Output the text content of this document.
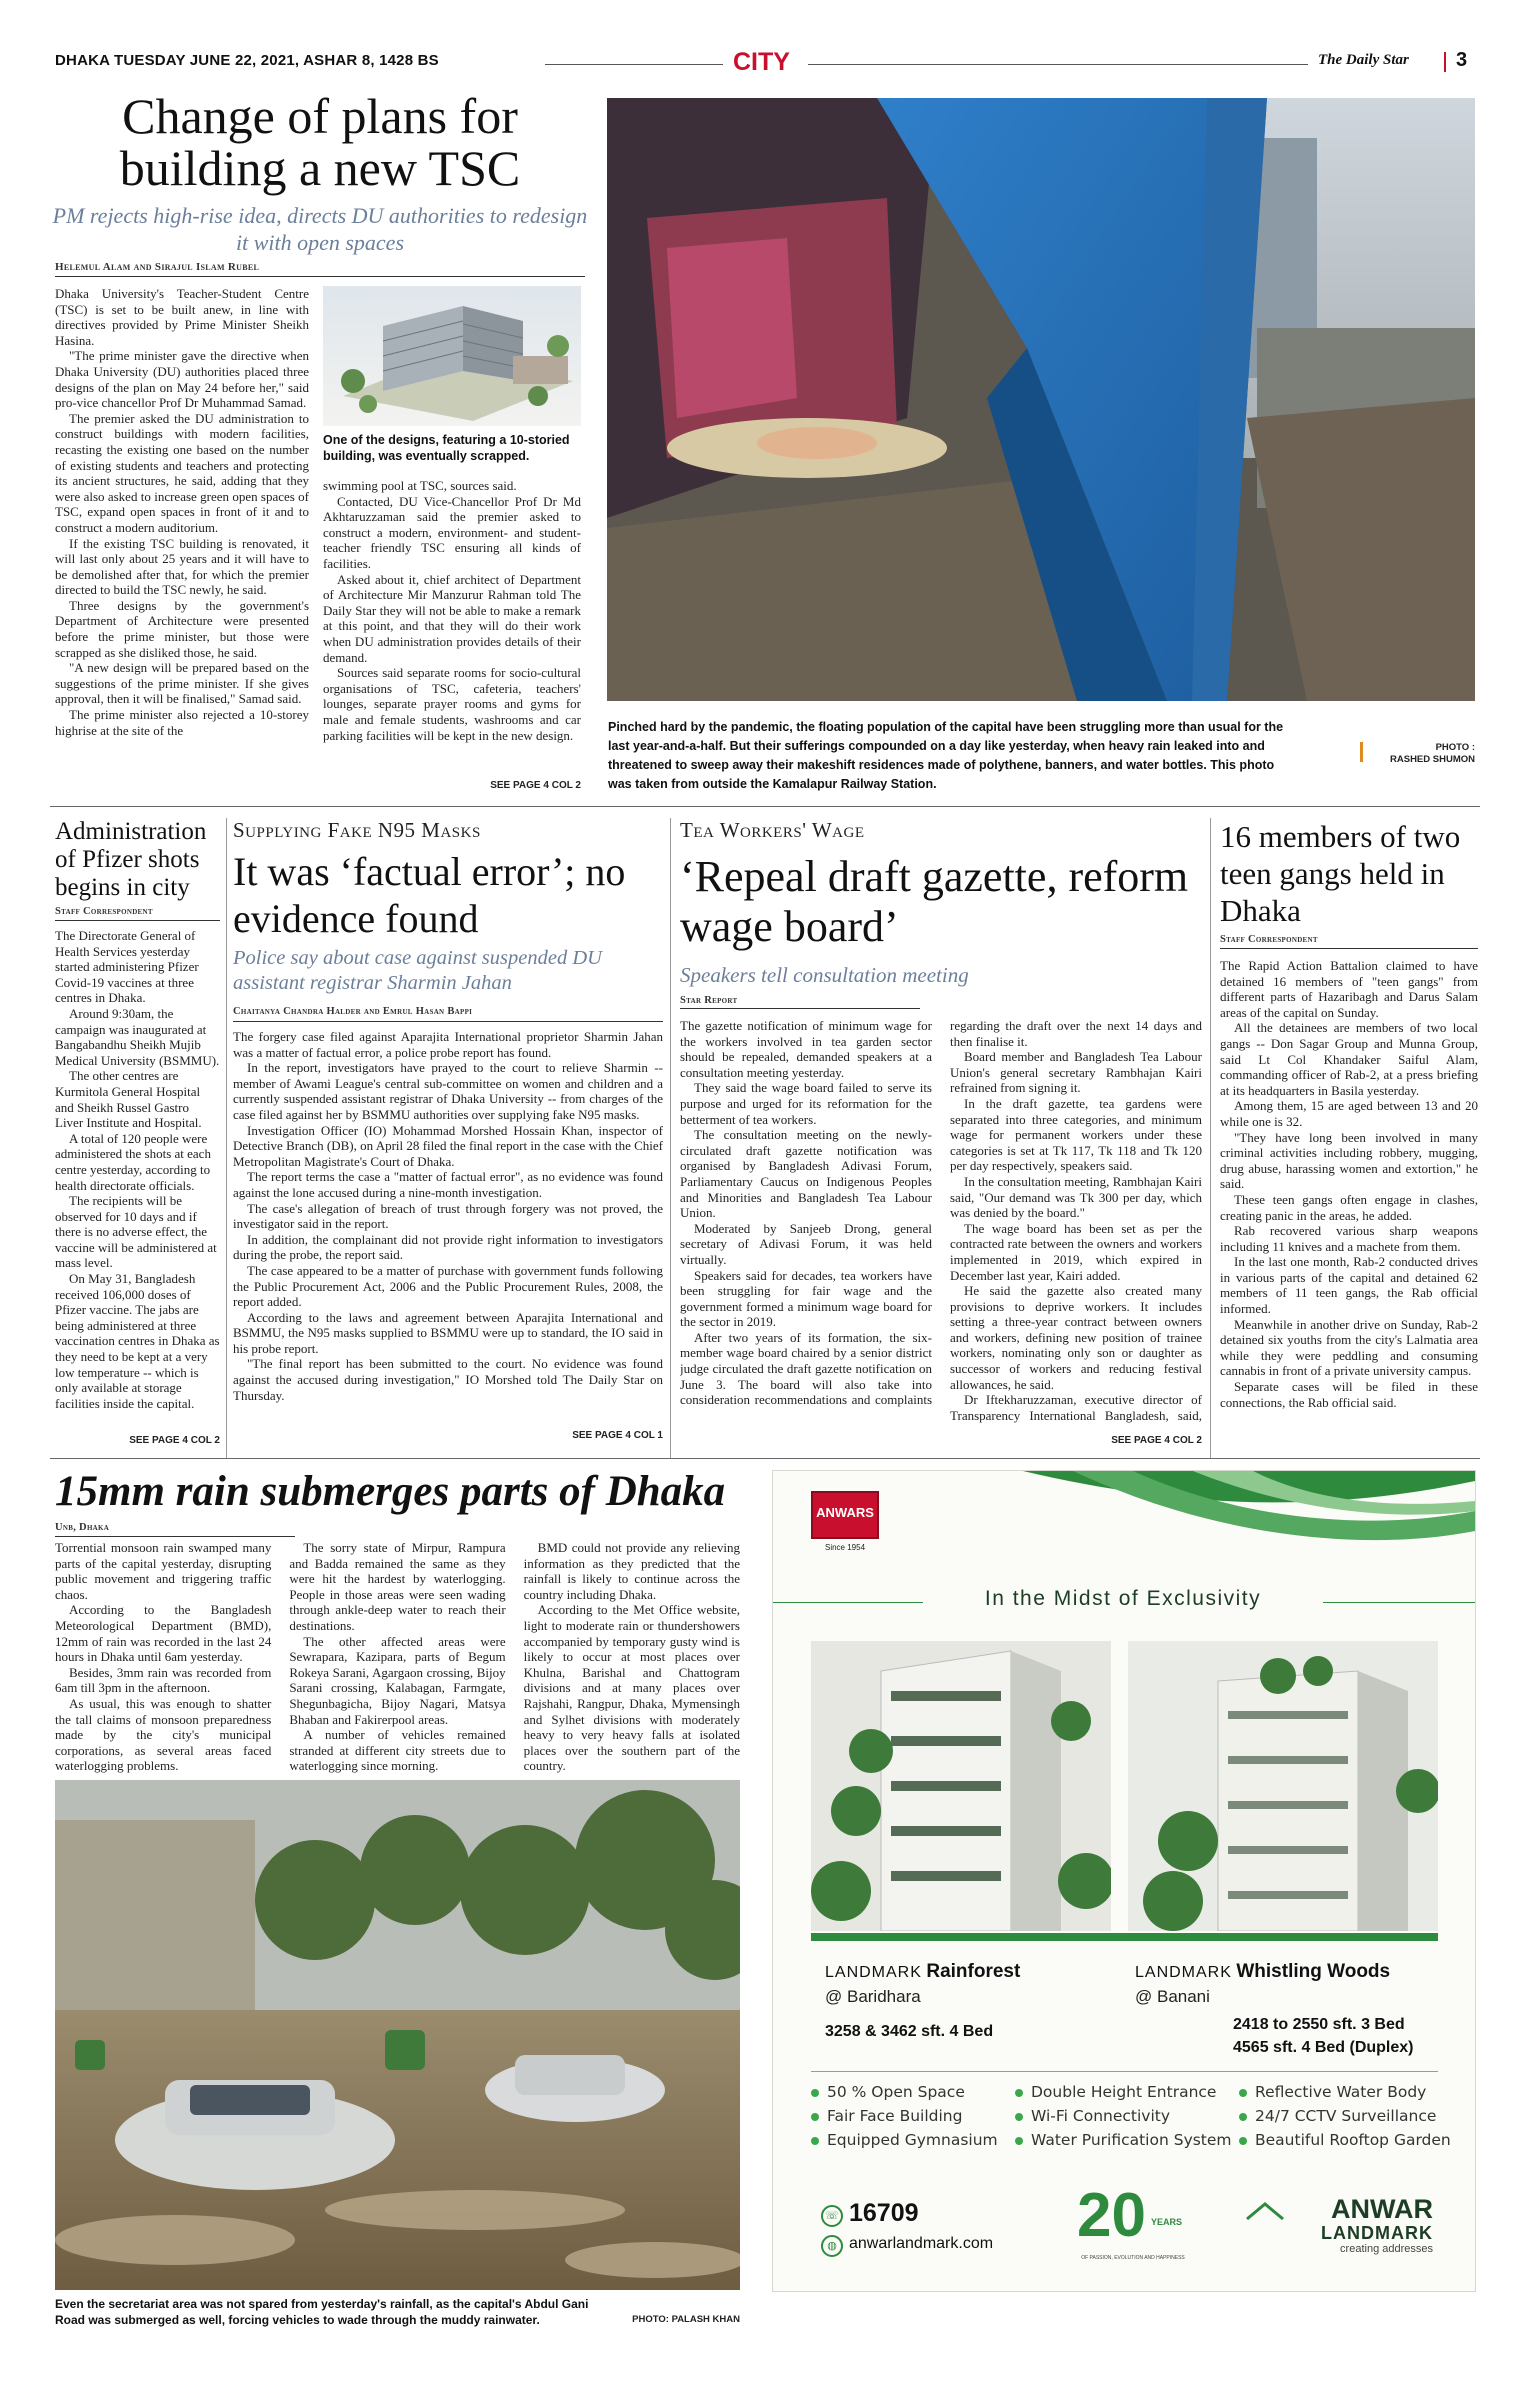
DHAKA TUESDAY JUNE 22, 2021, ASHAR 8, 1428 BS	CITY	The Daily Star 3
Change of plans for building a new TSC
PM rejects high-rise idea, directs DU authorities to redesign it with open spaces
Helemul Alam and Sirajul Islam Rubel

Dhaka University's Teacher-Student Centre (TSC) is set to be built anew, in line with directives provided by Prime Minister Sheikh Hasina.

"The prime minister gave the directive when Dhaka University (DU) authorities placed three designs of the plan on May 24 before her," said pro-vice chancellor Prof Dr Muhammad Samad.

The premier asked the DU administration to construct buildings with modern facilities, recasting the existing one based on the number of existing students and teachers and protecting its ancient structures, he said, adding that they were also asked to increase green open spaces of TSC, expand open spaces in front of it and to construct a modern auditorium.

If the existing TSC building is renovated, it will last only about 25 years and it will have to be demolished after that, for which the premier directed to build the TSC newly, he said.

Three designs by the government's Department of Architecture were presented before the prime minister, but those were scrapped as she disliked those, he said.

"A new design will be prepared based on the suggestions of the prime minister. If she gives approval, then it will be finalised," Samad said.

The prime minister also rejected a 10-storey highrise at the site of the

One of the designs, featuring a 10-storied building, was eventually scrapped.

swimming pool at TSC, sources said.

Contacted, DU Vice-Chancellor Prof Dr Md Akhtaruzzaman said the premier asked to construct a modern, environment- and student-teacher friendly TSC ensuring all kinds of facilities.

Asked about it, chief architect of Department of Architecture Mir Manzurur Rahman told The Daily Star they will not be able to make a remark at this point, and that they will do their work when DU administration provides details of their demand.

Sources said separate rooms for socio-cultural organisations of TSC, cafeteria, teachers' lounges, separate prayer rooms and gyms for male and female students, washrooms and car parking facilities will be kept in the new design.

SEE PAGE 4 COL 2
Pinched hard by the pandemic, the floating population of the capital have been struggling more than usual for the last year-and-a-half. But their sufferings compounded on a day like yesterday, when heavy rain leaked into and threatened to sweep away their makeshift residences made of polythene, banners, and water bottles. This photo was taken from outside the Kamalapur Railway Station.
PHOTO :
RASHED SHUMON
Administration of Pfizer shots begins in city
Staff Correspondent

The Directorate General of Health Services yesterday started administering Pfizer Covid-19 vaccines at three centres in Dhaka.

Around 9:30am, the campaign was inaugurated at Bangabandhu Sheikh Mujib Medical University (BSMMU).

The other centres are Kurmitola General Hospital and Sheikh Russel Gastro Liver Institute and Hospital.

A total of 120 people were administered the shots at each centre yesterday, according to health directorate officials.

The recipients will be observed for 10 days and if there is no adverse effect, the vaccine will be administered at mass level.

On May 31, Bangladesh received 106,000 doses of Pfizer vaccine. The jabs are being administered at three vaccination centres in Dhaka as they need to be kept at a very low temperature -- which is only available at storage facilities inside the capital.

SEE PAGE 4 COL 2
Supplying Fake N95 Masks
It was ‘factual error’; no evidence found
Police say about case against suspended DU assistant registrar Sharmin Jahan
Chaitanya Chandra Halder and Emrul Hasan Bappi

The forgery case filed against Aparajita International proprietor Sharmin Jahan was a matter of factual error, a police probe report has found.

In the report, investigators have prayed to the court to relieve Sharmin -- member of Awami League's central sub-committee on women and children and a currently suspended assistant registrar of Dhaka University -- from charges of the case filed against her by BSMMU authorities over supplying fake N95 masks.

Investigation Officer (IO) Mohammad Morshed Hossain Khan, inspector of Detective Branch (DB), on April 28 filed the final report in the case with the Chief Metropolitan Magistrate's Court of Dhaka.

The report terms the case a "matter of factual error", as no evidence was found against the lone accused during a nine-month investigation.

The case's allegation of breach of trust through forgery was not proved, the investigator said in the report.

In addition, the complainant did not provide right information to investigators during the probe, the report said.

The case appeared to be a matter of purchase with government funds following the Public Procurement Act, 2006 and the Public Procurement Rules, 2008, the report added.

According to the laws and agreement between Aparajita International and BSMMU, the N95 masks supplied to BSMMU were up to standard, the IO said in his probe report.

"The final report has been submitted to the court. No evidence was found against the accused during investigation," IO Morshed told The Daily Star on Thursday.

SEE PAGE 4 COL 1
Tea Workers' Wage
‘Repeal draft gazette, reform wage board’
Speakers tell consultation meeting
Star Report

The gazette notification of minimum wage for the workers involved in tea garden sector should be repealed, demanded speakers at a consultation meeting yesterday.

They said the wage board failed to serve its purpose and urged for its reformation for the betterment of tea workers.

The consultation meeting on the newly-circulated draft gazette notification was organised by Bangladesh Adivasi Forum, Parliamentary Caucus on Indigenous Peoples and Minorities and Bangladesh Tea Labour Union.

Moderated by Sanjeeb Drong, general secretary of Adivasi Forum, it was held virtually.

Speakers said for decades, tea workers have been struggling for fair wage and the government formed a minimum wage board for the sector in 2019.

After two years of its formation, the six-member wage board chaired by a senior district judge circulated the draft gazette notification on June 3. The board will also take into consideration recommendations and complaints regarding the draft over the next 14 days and then finalise it.

Board member and Bangladesh Tea Labour Union's general secretary Rambhajan Kairi refrained from signing it.

In the draft gazette, tea gardens were separated into three categories, and minimum wage for permanent workers under these categories is set at Tk 117, Tk 118 and Tk 120 per day respectively, speakers said.

In the consultation meeting, Rambhajan Kairi said, "Our demand was Tk 300 per day, which was denied by the board."

The wage board has been set as per the contracted rate between the owners and workers implemented in 2019, which expired in December last year, Kairi added.

He said the gazette also created many provisions to deprive workers. It includes setting a three-year contract between owners and workers, defining new position of trainee workers, nominating only son or daughter as successor of workers and reducing festival allowances, he said.

Dr Iftekharuzzaman, executive director of Transparency International Bangladesh, said,

SEE PAGE 4 COL 2
16 members of two teen gangs held in Dhaka
Staff Correspondent

The Rapid Action Battalion claimed to have detained 16 members of "teen gangs" from different parts of Hazaribagh and Darus Salam areas of the capital on Sunday.

All the detainees are members of two local gangs -- Don Sagar Group and Munna Group, said Lt Col Khandaker Saiful Alam, commanding officer of Rab-2, at a press briefing at its headquarters in Basila yesterday.

Among them, 15 are aged between 13 and 20 while one is 32.

"They have long been involved in many criminal activities including robbery, mugging, drug abuse, harassing women and extortion," he said.

These teen gangs often engage in clashes, creating panic in the areas, he added.

Rab recovered various sharp weapons including 11 knives and a machete from them.

In the last one month, Rab-2 conducted drives in various parts of the capital and detained 62 members of 11 teen gangs, the Rab official informed.

Meanwhile in another drive on Sunday, Rab-2 detained six youths from the city's Lalmatia area while they were peddling and consuming cannabis in front of a private university campus.

Separate cases will be filed in these connections, the Rab official said.

15mm rain submerges parts of Dhaka
Unb, Dhaka

Torrential monsoon rain swamped many parts of the capital yesterday, disrupting public movement and triggering traffic chaos.

According to the Bangladesh Meteorological Department (BMD), 12mm of rain was recorded in the last 24 hours in Dhaka until 6am yesterday.

Besides, 3mm rain was recorded from 6am till 3pm in the afternoon.

As usual, this was enough to shatter the tall claims of monsoon preparedness made by the city's municipal corporations, as several areas faced waterlogging problems.

The sorry state of Mirpur, Rampura and Badda remained the same as they were hit the hardest by waterlogging. People in those areas were seen wading through ankle-deep water to reach their destinations.

The other affected areas were Sewrapara, Kazipara, parts of Begum Rokeya Sarani, Agargaon crossing, Bijoy Sarani crossing, Kalabagan, Farmgate, Shegunbagicha, Bijoy Nagari, Matsya Bhaban and Fakirerpool areas.

A number of vehicles remained stranded at different city streets due to waterlogging since morning.

BMD could not provide any relieving information as they predicted that the rainfall is likely to continue across the country including Dhaka.

According to the Met Office website, light to moderate rain or thundershowers accompanied by temporary gusty wind is likely to occur at most places over Khulna, Barishal and Chattogram divisions and at many places over Rajshahi, Rangpur, Dhaka, Mymensingh and Sylhet divisions with moderately heavy to very heavy falls at isolated places over the southern part of the country.

Even the secretariat area was not spared from yesterday's rainfall, as the capital's Abdul Gani Road was submerged as well, forcing vehicles to wade through the muddy rainwater.	PHOTO: PALASH KHAN
ANWARS
Since 1954
In the Midst of Exclusivity
LANDMARK Rainforest
@ Baridhara
3258 & 3462 sft. 4 Bed
LANDMARK Whistling Woods
@ Banani
2418 to 2550 sft. 3 Bed
4565 sft. 4 Bed (Duplex)
50 % Open Space
Fair Face Building
Equipped Gymnasium
Double Height Entrance
Wi-Fi Connectivity
Water Purification System
Reflective Water Body
24/7 CCTV Surveillance
Beautiful Rooftop Garden
☏ 16709
◍ anwarlandmark.com 20 YEARS
OF PASSION, EVOLUTION AND HAPPINESS
ANWAR
LANDMARK
creating addresses
